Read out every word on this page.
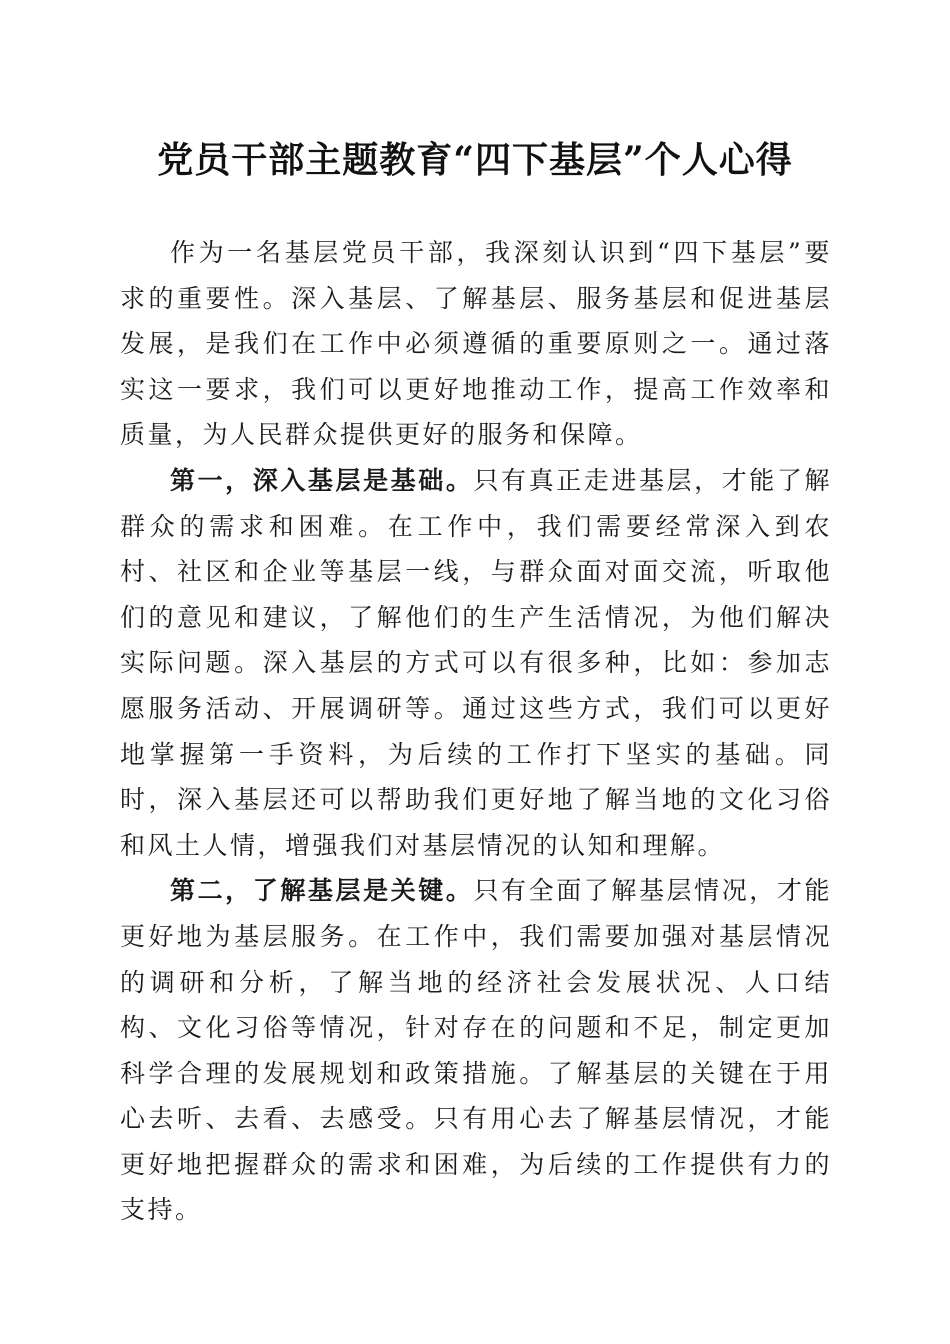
党员干部主题教育“四下基层”个人心得

作为一名基层党员干部，我深刻认识到“四下基层”要求的重要性。深入基层、了解基层、服务基层和促进基层发展，是我们在工作中必须遵循的重要原则之一。通过落实这一要求，我们可以更好地推动工作，提高工作效率和质量，为人民群众提供更好的服务和保障。

第一，深入基层是基础。只有真正走进基层，才能了解群众的需求和困难。在工作中，我们需要经常深入到农村、社区和企业等基层一线，与群众面对面交流，听取他们的意见和建议，了解他们的生产生活情况，为他们解决实际问题。深入基层的方式可以有很多种，比如：参加志愿服务活动、开展调研等。通过这些方式，我们可以更好地掌握第一手资料，为后续的工作打下坚实的基础。同时，深入基层还可以帮助我们更好地了解当地的文化习俗和风土人情，增强我们对基层情况的认知和理解。

第二，了解基层是关键。只有全面了解基层情况，才能更好地为基层服务。在工作中，我们需要加强对基层情况的调研和分析，了解当地的经济社会发展状况、人口结构、文化习俗等情况，针对存在的问题和不足，制定更加科学合理的发展规划和政策措施。了解基层的关键在于用心去听、去看、去感受。只有用心去了解基层情况，才能更好地把握群众的需求和困难，为后续的工作提供有力的支持。
